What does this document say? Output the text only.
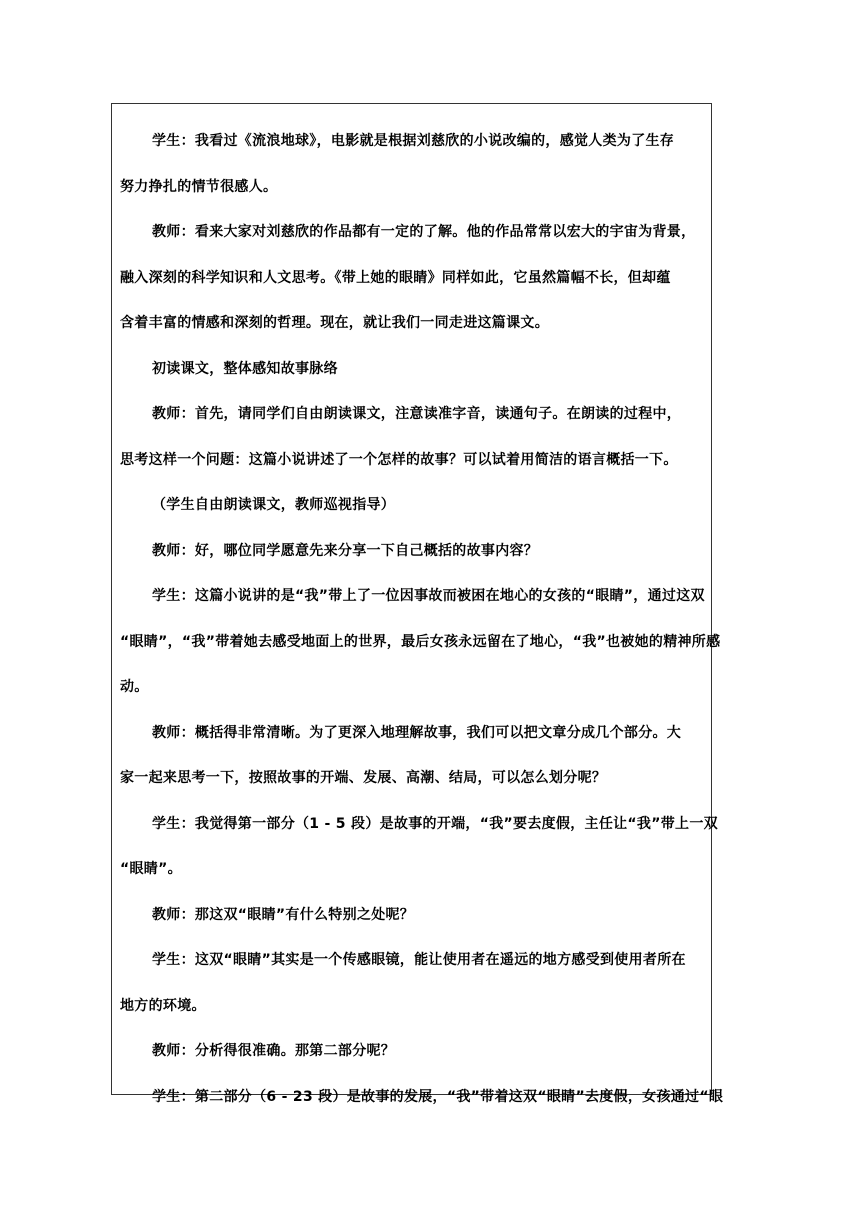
学生：我看过《流浪地球》，电影就是根据刘慈欣的小说改编的，感觉人类为了生存
努力挣扎的情节很感人。

教师：看来大家对刘慈欣的作品都有一定的了解。他的作品常常以宏大的宇宙为背景，
融入深刻的科学知识和人文思考。《带上她的眼睛》同样如此，它虽然篇幅不长，但却蕴
含着丰富的情感和深刻的哲理。现在，就让我们一同走进这篇课文。

初读课文，整体感知故事脉络

教师：首先，请同学们自由朗读课文，注意读准字音，读通句子。在朗读的过程中，
思考这样一个问题：这篇小说讲述了一个怎样的故事？可以试着用简洁的语言概括一下。

（学生自由朗读课文，教师巡视指导）

教师：好，哪位同学愿意先来分享一下自己概括的故事内容？

学生：这篇小说讲的是“我”带上了一位因事故而被困在地心的女孩的“眼睛”，通过这双
“眼睛”，“我”带着她去感受地面上的世界，最后女孩永远留在了地心，“我”也被她的精神所感
动。

教师：概括得非常清晰。为了更深入地理解故事，我们可以把文章分成几个部分。大
家一起来思考一下，按照故事的开端、发展、高潮、结局，可以怎么划分呢？

学生：我觉得第一部分（1 - 5 段）是故事的开端，“我”要去度假，主任让“我”带上一双
“眼睛”。

教师：那这双“眼睛”有什么特别之处呢？

学生：这双“眼睛”其实是一个传感眼镜，能让使用者在遥远的地方感受到使用者所在
地方的环境。

教师：分析得很准确。那第二部分呢？

学生：第二部分（6 - 23 段）是故事的发展，“我”带着这双“眼睛”去度假，女孩通过“眼
